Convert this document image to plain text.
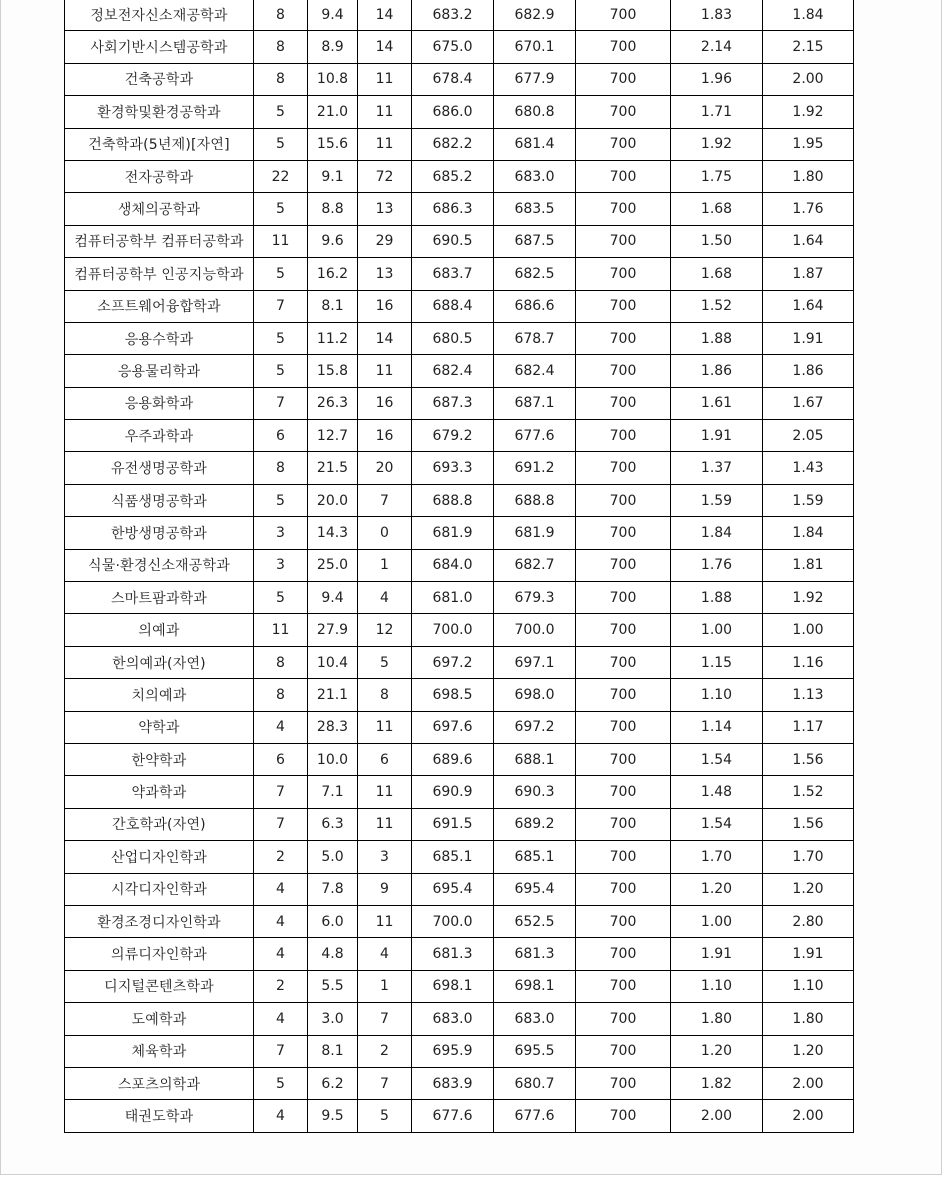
정보전자신소재공학과	8	9.4	14	683.2	682.9	700	1.83	1.84
사회기반시스템공학과	8	8.9	14	675.0	670.1	700	2.14	2.15
건축공학과	8	10.8	11	678.4	677.9	700	1.96	2.00
환경학및환경공학과	5	21.0	11	686.0	680.8	700	1.71	1.92
건축학과(5년제)[자연]	5	15.6	11	682.2	681.4	700	1.92	1.95
전자공학과	22	9.1	72	685.2	683.0	700	1.75	1.80
생체의공학과	5	8.8	13	686.3	683.5	700	1.68	1.76
컴퓨터공학부 컴퓨터공학과	11	9.6	29	690.5	687.5	700	1.50	1.64
컴퓨터공학부 인공지능학과	5	16.2	13	683.7	682.5	700	1.68	1.87
소프트웨어융합학과	7	8.1	16	688.4	686.6	700	1.52	1.64
응용수학과	5	11.2	14	680.5	678.7	700	1.88	1.91
응용물리학과	5	15.8	11	682.4	682.4	700	1.86	1.86
응용화학과	7	26.3	16	687.3	687.1	700	1.61	1.67
우주과학과	6	12.7	16	679.2	677.6	700	1.91	2.05
유전생명공학과	8	21.5	20	693.3	691.2	700	1.37	1.43
식품생명공학과	5	20.0	7	688.8	688.8	700	1.59	1.59
한방생명공학과	3	14.3	0	681.9	681.9	700	1.84	1.84
식물·환경신소재공학과	3	25.0	1	684.0	682.7	700	1.76	1.81
스마트팜과학과	5	9.4	4	681.0	679.3	700	1.88	1.92
의예과	11	27.9	12	700.0	700.0	700	1.00	1.00
한의예과(자연)	8	10.4	5	697.2	697.1	700	1.15	1.16
치의예과	8	21.1	8	698.5	698.0	700	1.10	1.13
약학과	4	28.3	11	697.6	697.2	700	1.14	1.17
한약학과	6	10.0	6	689.6	688.1	700	1.54	1.56
약과학과	7	7.1	11	690.9	690.3	700	1.48	1.52
간호학과(자연)	7	6.3	11	691.5	689.2	700	1.54	1.56
산업디자인학과	2	5.0	3	685.1	685.1	700	1.70	1.70
시각디자인학과	4	7.8	9	695.4	695.4	700	1.20	1.20
환경조경디자인학과	4	6.0	11	700.0	652.5	700	1.00	2.80
의류디자인학과	4	4.8	4	681.3	681.3	700	1.91	1.91
디지털콘텐츠학과	2	5.5	1	698.1	698.1	700	1.10	1.10
도예학과	4	3.0	7	683.0	683.0	700	1.80	1.80
체육학과	7	8.1	2	695.9	695.5	700	1.20	1.20
스포츠의학과	5	6.2	7	683.9	680.7	700	1.82	2.00
태권도학과	4	9.5	5	677.6	677.6	700	2.00	2.00
